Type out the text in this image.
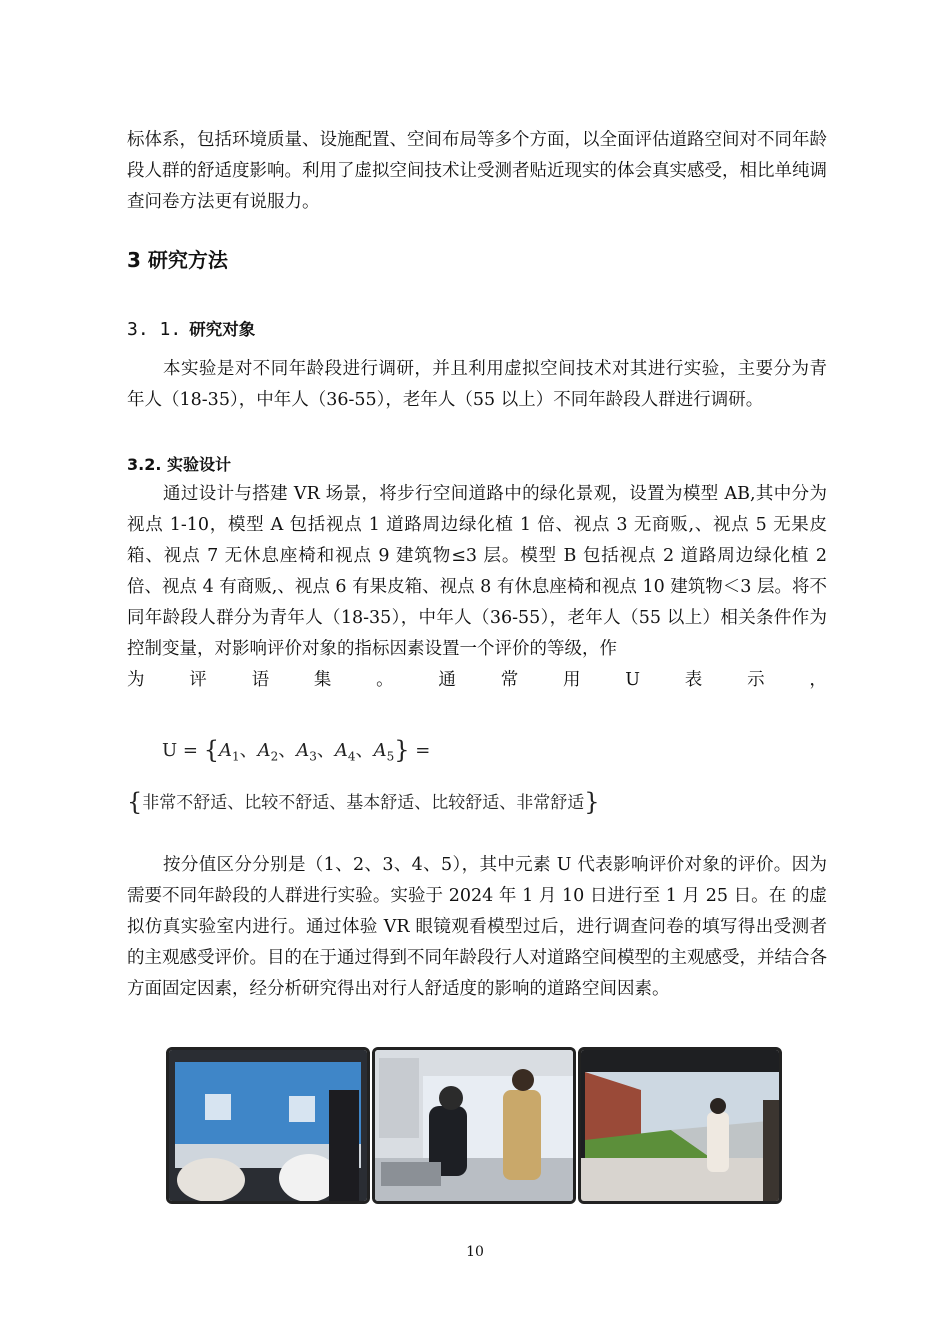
标体系，包括环境质量、设施配置、空间布局等多个方面，以全面评估道路空间对不同年龄段人群的舒适度影响。利用了虚拟空间技术让受测者贴近现实的体会真实感受，相比单纯调查问卷方法更有说服力。

3 研究方法

3. 1. 研究对象

本实验是对不同年龄段进行调研，并且利用虚拟空间技术对其进行实验，主要分为青年人（18-35），中年人（36-55），老年人（55 以上）不同年龄段人群进行调研。

3.2. 实验设计

通过设计与搭建 VR 场景，将步行空间道路中的绿化景观，设置为模型 AB,其中分为视点 1-10，模型 A 包括视点 1 道路周边绿化植 1 倍、视点 3 无商贩,、视点 5 无果皮箱、视点 7 无休息座椅和视点 9 建筑物≤3 层。模型 B 包括视点 2 道路周边绿化植 2 倍、视点 4 有商贩,、视点 6 有果皮箱、视点 8 有休息座椅和视点 10 建筑物＜3 层。将不同年龄段人群分为青年人（18-35），中年人（36-55），老年人（55 以上）相关条件作为控制变量，对影响评价对象的指标因素设置一个评价的等级，作

为	评	语	集	。	通	常	用	U	表	示	，
$U = \{A_1$、$A_2$、$A_3$、$A_4$、$A_5$} =
{非常不舒适、比较不舒适、基本舒适、比较舒适、非常舒适}

按分值区分分别是（1、2、3、4、5），其中元素 U 代表影响评价对象的评价。因为需要不同年龄段的人群进行实验。实验于 2024 年 1 月 10 日进行至 1 月 25 日。在 的虚拟仿真实验室内进行。通过体验 VR 眼镜观看模型过后，进行调查问卷的填写得出受测者的主观感受评价。目的在于通过得到不同年龄段行人对道路空间模型的主观感受，并结合各方面固定因素，经分析研究得出对行人舒适度的影响的道路空间因素。

10
